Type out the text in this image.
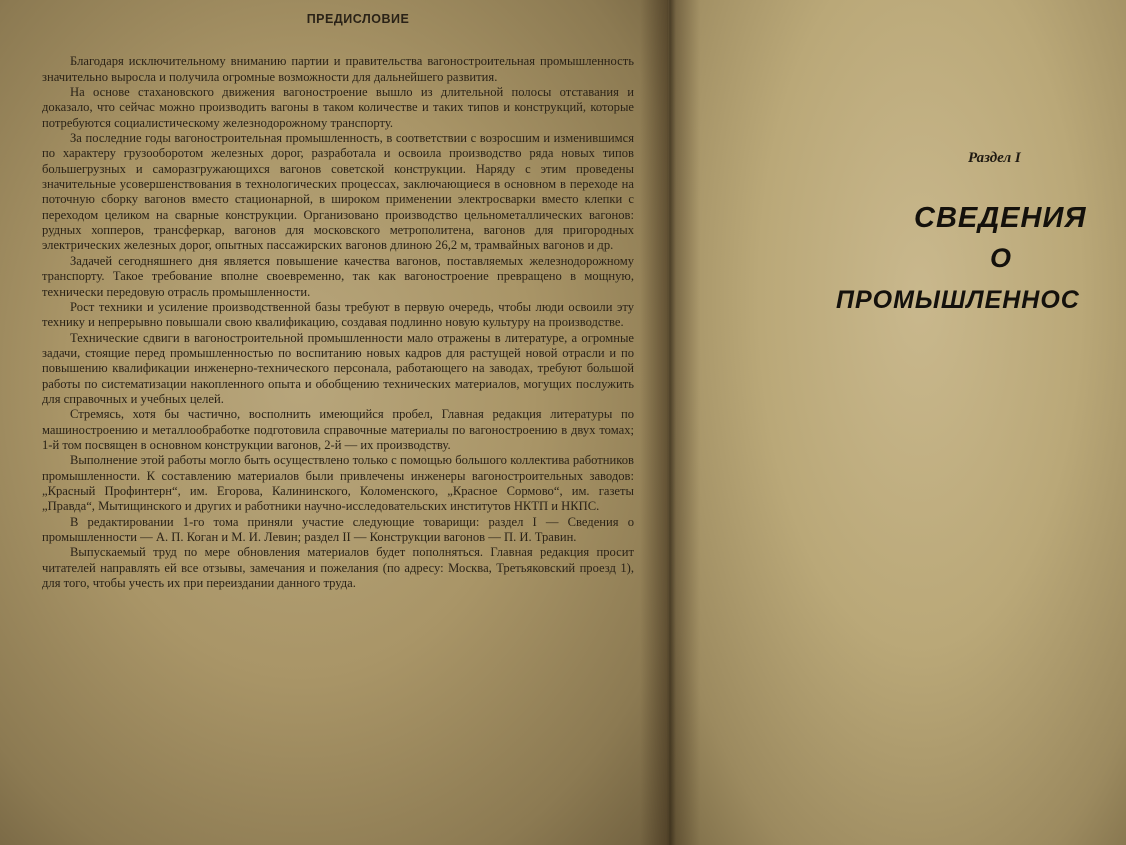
ПРЕДИСЛОВИЕ

Благодаря исключительному вниманию партии и правительства вагоностроительная промышленность значительно выросла и получила огромные возможности для дальнейшего развития.

На основе стахановского движения вагоностроение вышло из длительной полосы отставания и доказало, что сейчас можно производить вагоны в таком количестве и таких типов и конструкций, которые потребуются социалистическому железнодорожному транспорту.

За последние годы вагоностроительная промышленность, в соответствии с возросшим и изменившимся по характеру грузооборотом железных дорог, разработала и освоила производство ряда новых типов большегрузных и саморазгружающихся вагонов советской конструкции. Наряду с этим проведены значительные усовершенствования в технологических процессах, заключающиеся в основном в переходе на поточную сборку вагонов вместо стационарной, в широком применении электросварки вместо клепки с переходом целиком на сварные конструкции. Организовано производство цельнометаллических вагонов: рудных хопперов, трансферкар, вагонов для московского метрополитена, вагонов для пригородных электрических железных дорог, опытных пассажирских вагонов длиною 26,2 м, трамвайных вагонов и др.

Задачей сегодняшнего дня является повышение качества вагонов, поставляемых железнодорожному транспорту. Такое требование вполне своевременно, так как вагоностроение превращено в мощную, технически передовую отрасль промышленности.

Рост техники и усиление производственной базы требуют в первую очередь, чтобы люди освоили эту технику и непрерывно повышали свою квалификацию, создавая подлинно новую культуру на производстве.

Технические сдвиги в вагоностроительной промышленности мало отражены в литературе, а огромные задачи, стоящие перед промышленностью по воспитанию новых кадров для растущей новой отрасли и по повышению квалификации инженерно-технического персонала, работающего на заводах, требуют большой работы по систематизации накопленного опыта и обобщению технических материалов, могущих послужить для справочных и учебных целей.

Стремясь, хотя бы частично, восполнить имеющийся пробел, Главная редакция литературы по машиностроению и металлообработке подготовила справочные материалы по вагоностроению в двух томах; 1-й том посвящен в основном конструкции вагонов, 2-й — их производству.

Выполнение этой работы могло быть осуществлено только с помощью большого коллектива работников промышленности. К составлению материалов были привлечены инженеры вагоностроительных заводов: „Красный Профинтерн“, им. Егорова, Калининского, Коломенского, „Красное Сормово“, им. газеты „Правда“, Мытищинского и других и работники научно-исследовательских институтов НКТП и НКПС.

В редактировании 1-го тома приняли участие следующие товарищи: раздел I — Сведения о промышленности — А. П. Коган и М. И. Левин; раздел II — Конструкции вагонов — П. И. Травин.

Выпускаемый труд по мере обновления материалов будет пополняться. Главная редакция просит читателей направлять ей все отзывы, замечания и пожелания (по адресу: Москва, Третьяковский проезд 1), для того, чтобы учесть их при переиздании данного труда.

Раздел I
СВЕДЕНИЯ
О
ПРОМЫШЛЕННОС
